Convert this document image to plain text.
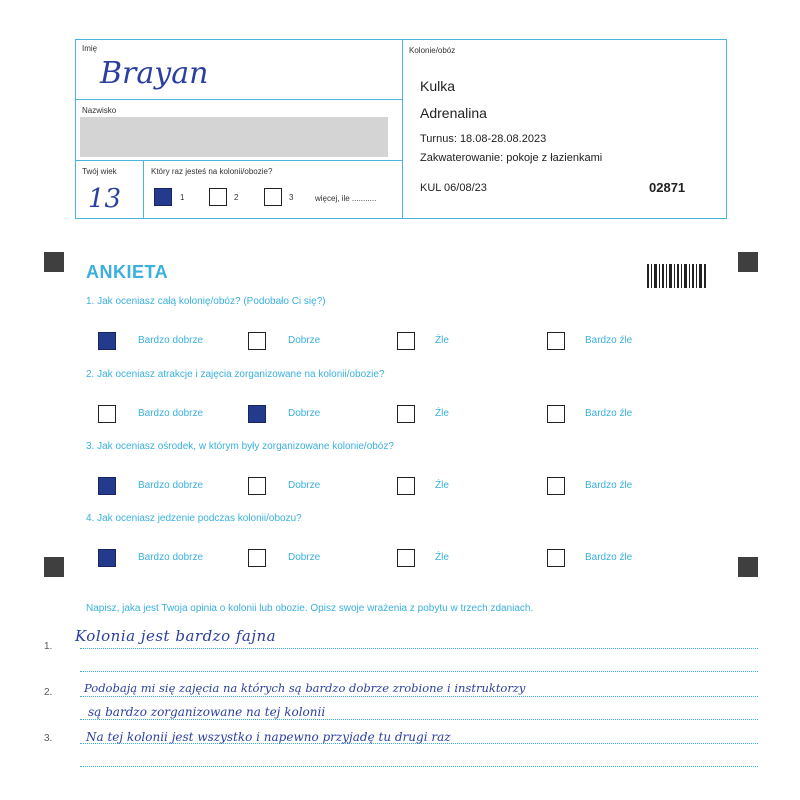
Imię
Brayan
Nazwisko
Twój wiek
13
Który raz jesteś na kolonii/obozie?
1	2	3	więcej, ile ...........
Kolonie/obóz
Kulka
Adrenalina
Turnus: 18.08-28.08.2023
Zakwaterowanie: pokoje z łazienkami
KUL 06/08/23	02871
ANKIETA
1. Jak oceniasz całą kolonię/obóz? (Podobało Ci się?)
Bardzo dobrze	Dobrze	Źle	Bardzo źle
2. Jak oceniasz atrakcje i zajęcia zorganizowane na kolonii/obozie?
Bardzo dobrze	Dobrze	Źle	Bardzo źle
3. Jak oceniasz ośrodek, w którym były zorganizowane kolonie/obóz?
Bardzo dobrze	Dobrze	Źle	Bardzo źle
4. Jak oceniasz jedzenie podczas kolonii/obozu?
Bardzo dobrze	Dobrze	Źle	Bardzo źle
Napisz, jaka jest Twoja opinia o kolonii lub obozie. Opisz swoje wrażenia z pobytu w trzech zdaniach.
1.
2.
3.
Kolonia jest bardzo fajna
Podobają mi się zajęcia na których są bardzo dobrze zrobione i instruktorzy
są bardzo zorganizowane na tej kolonii
Na tej kolonii jest wszystko i napewno przyjadę tu drugi raz
